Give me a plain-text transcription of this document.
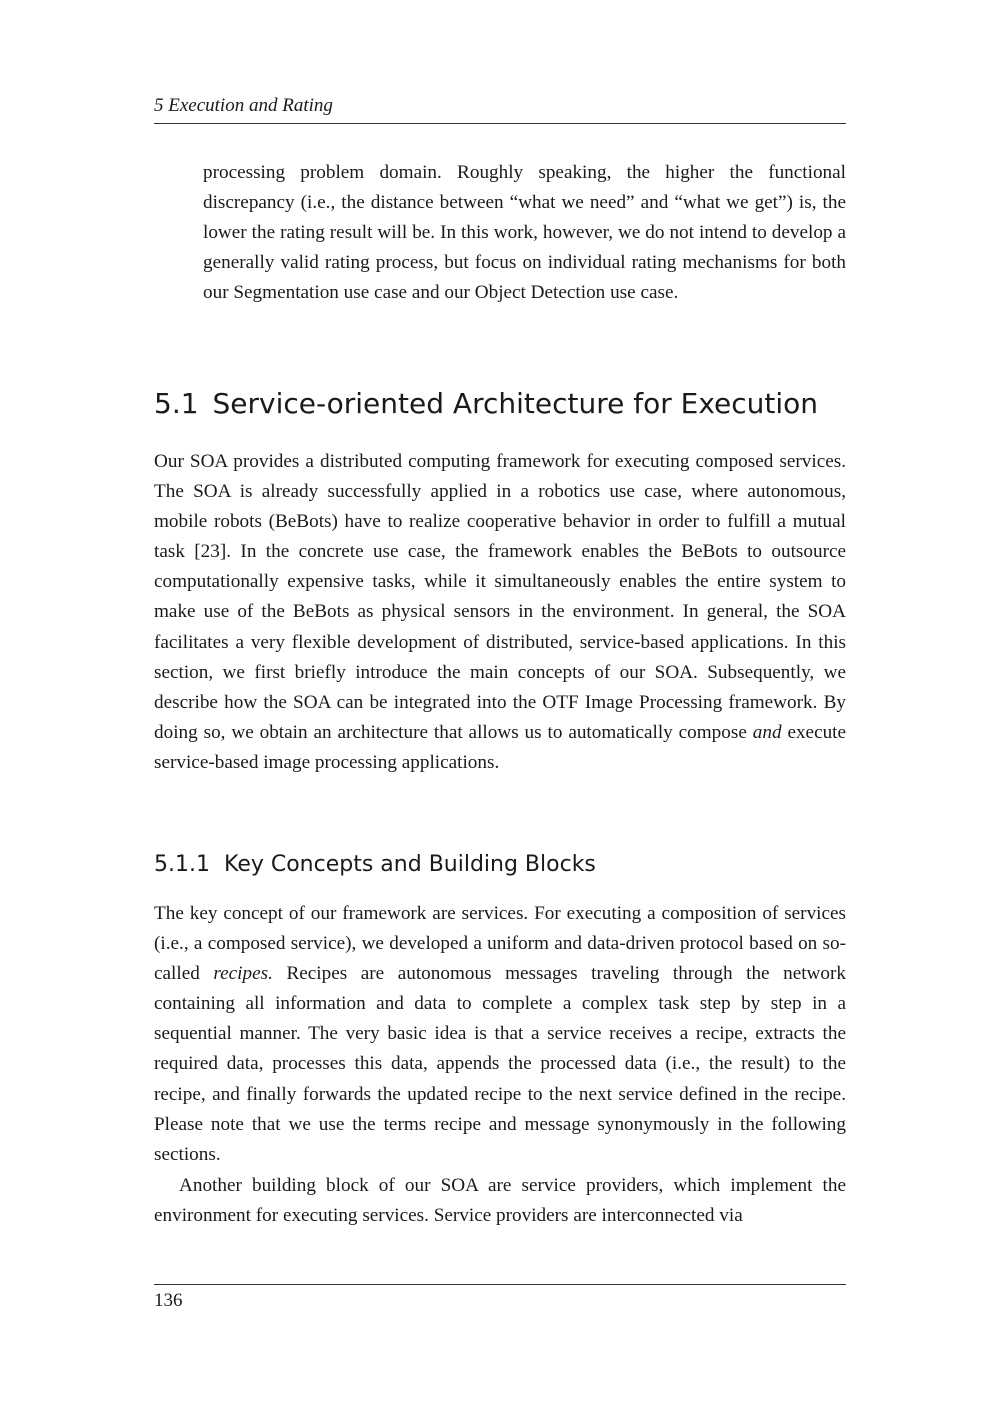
5 Execution and Rating

processing problem domain. Roughly speaking, the higher the functional discrepancy (i.e., the distance between “what we need” and “what we get”) is, the lower the rating result will be. In this work, however, we do not intend to develop a generally valid rating process, but focus on individual rating mechanisms for both our Segmentation use case and our Object Detection use case.

5.1 Service-oriented Architecture for Execution

Our SOA provides a distributed computing framework for executing composed services. The SOA is already successfully applied in a robotics use case, where autonomous, mobile robots (BeBots) have to realize cooperative behavior in order to fulfill a mutual task [23]. In the concrete use case, the framework enables the BeBots to outsource computationally expensive tasks, while it simultaneously enables the entire system to make use of the BeBots as physical sensors in the environment. In general, the SOA facilitates a very flexible development of distributed, service-based applications. In this section, we first briefly introduce the main concepts of our SOA. Subsequently, we describe how the SOA can be integrated into the OTF Image Processing framework. By doing so, we obtain an architecture that allows us to automatically compose and execute service-based image processing applications.

5.1.1 Key Concepts and Building Blocks

The key concept of our framework are services. For executing a composition of services (i.e., a composed service), we developed a uniform and data-driven protocol based on so-called recipes. Recipes are autonomous messages traveling through the network containing all information and data to complete a complex task step by step in a sequential manner. The very basic idea is that a service receives a recipe, extracts the required data, processes this data, appends the processed data (i.e., the result) to the recipe, and finally forwards the updated recipe to the next service defined in the recipe. Please note that we use the terms recipe and message synonymously in the following sections.

Another building block of our SOA are service providers, which implement the environment for executing services. Service providers are interconnected via

136
